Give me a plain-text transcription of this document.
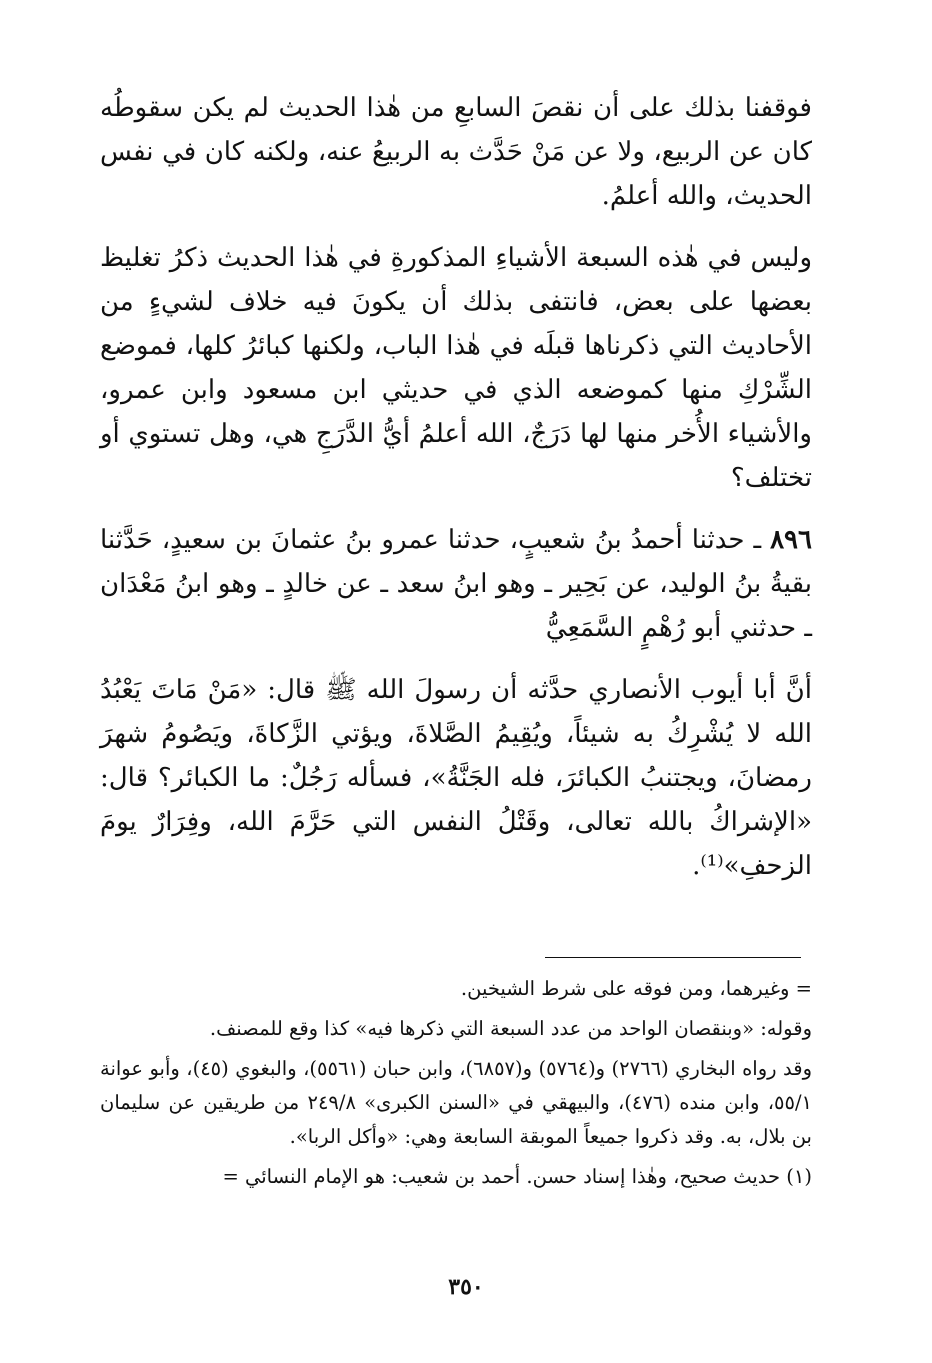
فوقفنا بذلك على أن نقصَ السابعِ من هٰذا الحديث لم يكن سقوطُه كان عن الربيع، ولا عن مَنْ حَدَّث به الربيعُ عنه، ولكنه كان في نفس الحديث، والله أعلمُ.

وليس في هٰذه السبعة الأشياءِ المذكورةِ في هٰذا الحديث ذكرُ تغليظ بعضها على بعض، فانتفى بذلك أن يكونَ فيه خلاف لشيءٍ من الأحاديث التي ذكرناها قبلَه في هٰذا الباب، ولكنها كبائرُ كلها، فموضع الشِّرْكِ منها كموضعه الذي في حديثي ابن مسعود وابن عمرو، والأشياء الأُخر منها لها دَرَجٌ، الله أعلمُ أيُّ الدَّرَجِ هي، وهل تستوي أو تختلف؟

٨٩٦ ـ حدثنا أحمدُ بنُ شعيبٍ، حدثنا عمرو بنُ عثمانَ بن سعيدٍ، حَدَّثنا بقيةُ بنُ الوليد، عن بَحِير ـ وهو ابنُ سعد ـ عن خالدٍ ـ وهو ابنُ مَعْدَان ـ حدثني أبو رُهْمٍ السَّمَعِيُّ

أنَّ أبا أيوب الأنصاري حدَّثه أن رسولَ الله ﷺ قال: «مَنْ مَاتَ يَعْبُدُ الله لا يُشْرِكُ به شيئاً، ويُقِيمُ الصَّلاةَ، ويؤتي الزَّكاةَ، ويَصُومُ شهرَ رمضانَ، ويجتنبُ الكبائرَ، فله الجَنَّةُ»، فسأله رَجُلٌ: ما الكبائر؟ قال: «الإشراكُ بالله تعالى، وقَتْلُ النفس التي حَرَّمَ الله، وفِرَارٌ يومَ الزحفِ»⁽¹⁾.

= وغيرهما، ومن فوقه على شرط الشيخين.

وقوله: «وبنقصان الواحد من عدد السبعة التي ذكرها فيه» كذا وقع للمصنف.

وقد رواه البخاري (٢٧٦٦) و(٥٧٦٤) و(٦٨٥٧)، وابن حبان (٥٥٦١)، والبغوي (٤٥)، وأبو عوانة ٥٥/١، وابن منده (٤٧٦)، والبيهقي في «السنن الكبرى» ٢٤٩/٨ من طريقين عن سليمان بن بلال، به. وقد ذكروا جميعاً الموبقة السابعة وهي: «وأكل الربا».

(١) حديث صحيح، وهٰذا إسناد حسن. أحمد بن شعيب: هو الإمام النسائي =

٣٥٠
